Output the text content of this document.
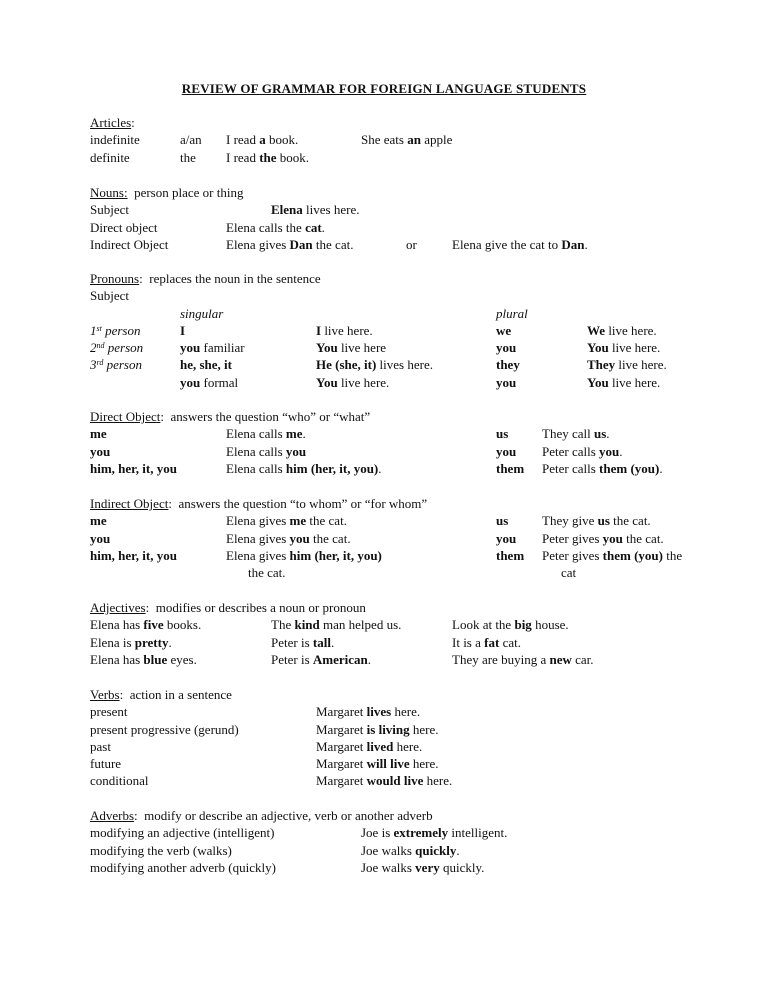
REVIEW OF GRAMMAR FOR FOREIGN LANGUAGE STUDENTS
Articles:
indefinite	a/an I read a book.	She eats an apple
definite	the I read the book.
Nouns: person place or thing
Subject	Elena lives here.
Direct object	Elena calls the cat.
Indirect Object	Elena gives Dan the cat.	or	Elena give the cat to Dan.
Pronouns: replaces the noun in the sentence
Subject
singular	plural
1st person	I	I live here.	we	We live here.
2nd person	you familiar	You live here	you	You live here.
3rd person	he, she, it	He (she, it) lives here.	they	They live here.
you formal	You live here.	you	You live here.
Direct Object: answers the question “who” or “what”
me	Elena calls me.	us	They call us.
you	Elena calls you	you Peter calls you.
him, her, it, you	Elena calls him (her, it, you).	them Peter calls them (you).
Indirect Object: answers the question “to whom” or “for whom”
me	Elena gives me the cat.	us	They give us the cat.
you	Elena gives you the cat.	you Peter gives you the cat.
him, her, it, you	Elena gives him (her, it, you)	them Peter gives them (you) the
the cat.	cat
Adjectives: modifies or describes a noun or pronoun
Elena has five books.	The kind man helped us.	Look at the big house.
Elena is pretty.	Peter is tall.	It is a fat cat.
Elena has blue eyes.	Peter is American.	They are buying a new car.
Verbs: action in a sentence
present	Margaret lives here.
present progressive (gerund)	Margaret is living here.
past	Margaret lived here.
future	Margaret will live here.
conditional	Margaret would live here.
Adverbs: modify or describe an adjective, verb or another adverb
modifying an adjective (intelligent)	Joe is extremely intelligent.
modifying the verb (walks)	Joe walks quickly.
modifying another adverb (quickly)	Joe walks very quickly.
